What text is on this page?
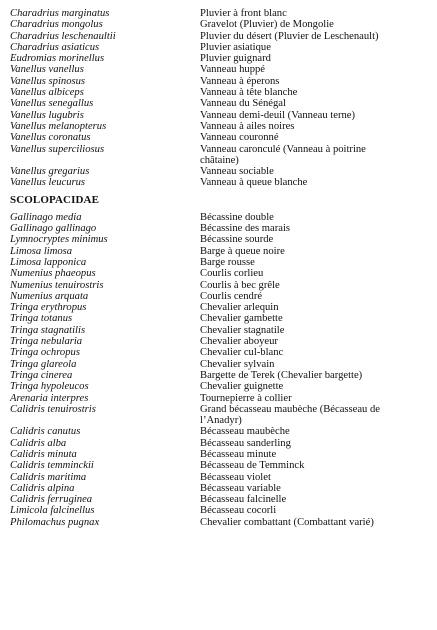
Charadrius marginatus	Pluvier à front blanc
Charadrius mongolus	Gravelot (Pluvier) de Mongolie
Charadrius leschenaultii	Pluvier du désert (Pluvier de Leschenault)
Charadrius asiaticus	Pluvier asiatique
Eudromias morinellus	Pluvier guignard
Vanellus vanellus	Vanneau huppé
Vanellus spinosus	Vanneau à éperons
Vanellus albiceps	Vanneau à tête blanche
Vanellus senegallus	Vanneau du Sénégal
Vanellus lugubris	Vanneau demi-deuil (Vanneau terne)
Vanellus melanopterus	Vanneau à ailes noires
Vanellus coronatus	Vanneau couronné
Vanellus superciliosus	Vanneau caronculé (Vanneau à poitrine
châtaine)
Vanellus gregarius	Vanneau sociable
Vanellus leucurus	Vanneau à queue blanche
SCOLOPACIDAE
Gallinago media	Bécassine double
Gallinago gallinago	Bécassine des marais
Lymnocryptes minimus	Bécassine sourde
Limosa limosa	Barge à queue noire
Limosa lapponica	Barge rousse
Numenius phaeopus	Courlis corlieu
Numenius tenuirostris	Courlis à bec grêle
Numenius arquata	Courlis cendré
Tringa erythropus	Chevalier arlequin
Tringa totanus	Chevalier gambette
Tringa stagnatilis	Chevalier stagnatile
Tringa nebularia	Chevalier aboyeur
Tringa ochropus	Chevalier cul-blanc
Tringa glareola	Chevalier sylvain
Tringa cinerea	Bargette de Terek (Chevalier bargette)
Tringa hypoleucos	Chevalier guignette
Arenaria interpres	Tournepierre à collier
Calidris tenuirostris	Grand bécasseau maubèche (Bécasseau de
l’Anadyr)
Calidris canutus	Bécasseau maubèche
Calidris alba	Bécasseau sanderling
Calidris minuta	Bécasseau minute
Calidris temminckii	Bécasseau de Temminck
Calidris maritima	Bécasseau violet
Calidris alpina	Bécasseau variable
Calidris ferruginea	Bécasseau falcinelle
Limicola falcinellus	Bécasseau cocorli
Philomachus pugnax	Chevalier combattant (Combattant varié)
